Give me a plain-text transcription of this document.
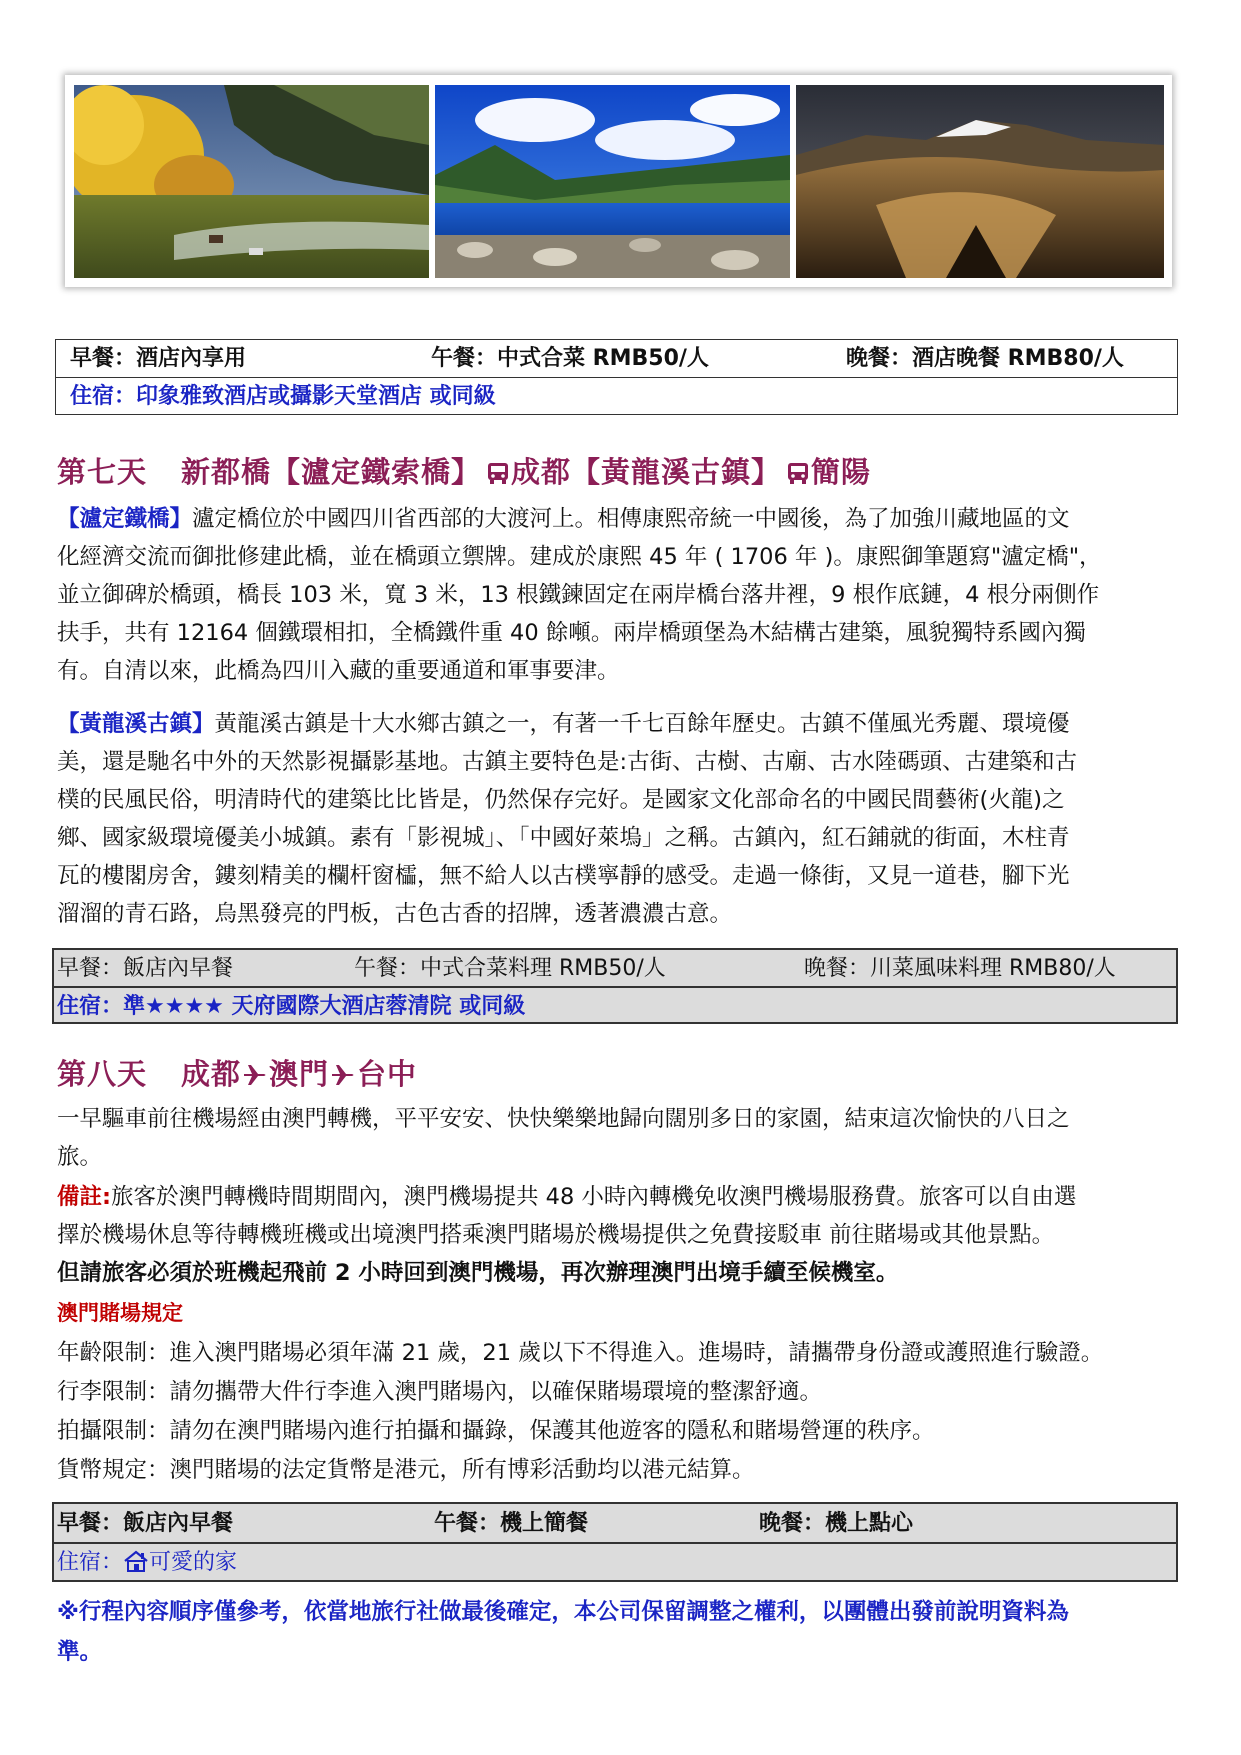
早餐：酒店內享用	午餐：中式合菜 RMB50/人	晚餐：酒店晚餐 RMB80/人
住宿：印象雅致酒店或攝影天堂酒店 或同級
第七天 新都橋【瀘定鐵索橋】 成都【黃龍溪古鎮】 簡陽
【瀘定鐵橋】瀘定橋位於中國四川省西部的大渡河上。相傳康熙帝統一中國後，為了加強川藏地區的文
化經濟交流而御批修建此橋，並在橋頭立禦牌。建成於康熙 45 年 ( 1706 年 )。康熙御筆題寫"瀘定橋"，
並立御碑於橋頭，橋長 103 米，寬 3 米，13 根鐵鍊固定在兩岸橋台落井裡，9 根作底鏈，4 根分兩側作
扶手，共有 12164 個鐵環相扣，全橋鐵件重 40 餘噸。兩岸橋頭堡為木結構古建築，風貌獨特系國內獨
有。自清以來，此橋為四川入藏的重要通道和軍事要津。
【黃龍溪古鎮】黃龍溪古鎮是十大水鄉古鎮之一，有著一千七百餘年歷史。古鎮不僅風光秀麗、環境優
美，還是馳名中外的天然影視攝影基地。古鎮主要特色是:古街、古樹、古廟、古水陸碼頭、古建築和古
樸的民風民俗，明清時代的建築比比皆是，仍然保存完好。是國家文化部命名的中國民間藝術(火龍)之
鄉、國家級環境優美小城鎮。素有「影視城」、「中國好萊塢」之稱。古鎮內，紅石鋪就的街面，木柱青
瓦的樓閣房舍，鏤刻精美的欄杆窗櫺，無不給人以古樸寧靜的感受。走過一條街，又見一道巷，腳下光
溜溜的青石路，烏黑發亮的門板，古色古香的招牌，透著濃濃古意。
早餐：飯店內早餐	午餐：中式合菜料理 RMB50/人	晚餐：川菜風味料理 RMB80/人
住宿：準★★★★ 天府國際大酒店蓉清院 或同級
第八天 成都 澳門 台中
一早驅車前往機場經由澳門轉機，平平安安、快快樂樂地歸向闊別多日的家園，結束這次愉快的八日之
旅。
備註:旅客於澳門轉機時間期間內，澳門機場提共 48 小時內轉機免收澳門機場服務費。旅客可以自由選
擇於機場休息等待轉機班機或出境澳門搭乘澳門賭場於機場提供之免費接駁車 前往賭場或其他景點。
但請旅客必須於班機起飛前 2 小時回到澳門機場，再次辦理澳門出境手續至候機室。
澳門賭場規定
年齡限制：進入澳門賭場必須年滿 21 歲，21 歲以下不得進入。進場時，請攜帶身份證或護照進行驗證。
行李限制：請勿攜帶大件行李進入澳門賭場內，以確保賭場環境的整潔舒適。
拍攝限制：請勿在澳門賭場內進行拍攝和攝錄，保護其他遊客的隱私和賭場營運的秩序。
貨幣規定：澳門賭場的法定貨幣是港元，所有博彩活動均以港元結算。
早餐：飯店內早餐	午餐：機上簡餐	晚餐：機上點心
住宿： 可愛的家
※行程內容順序僅參考，依當地旅行社做最後確定，本公司保留調整之權利，以團體出發前說明資料為
準。
